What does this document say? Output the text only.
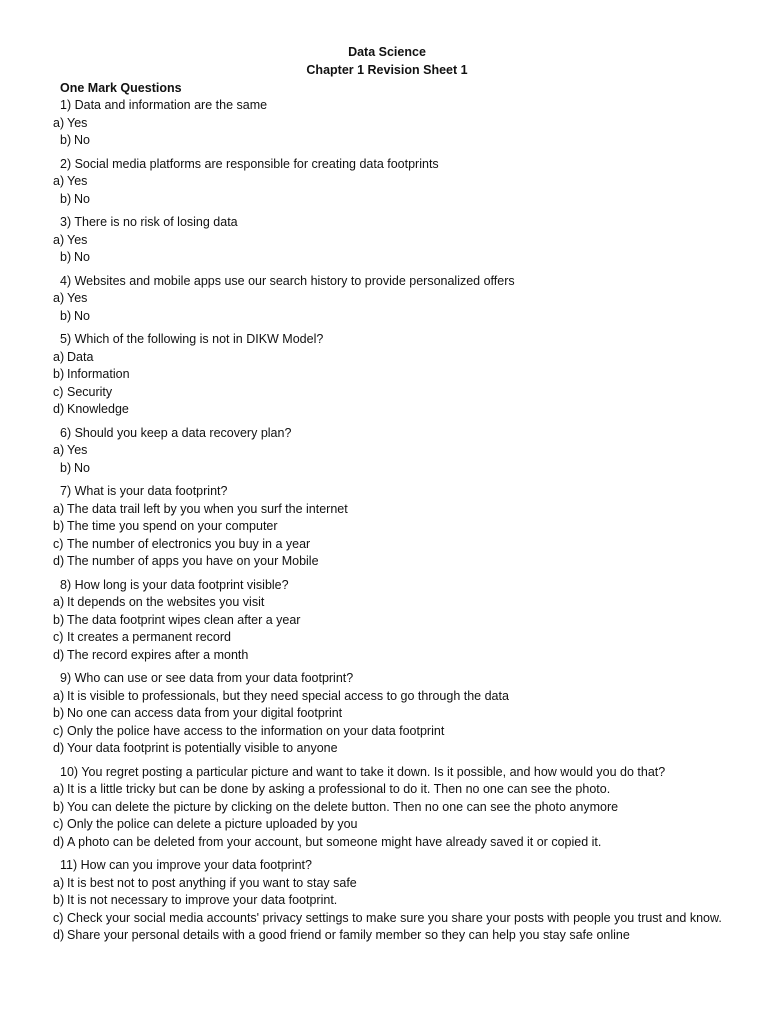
Data Science
Chapter 1 Revision Sheet 1
One Mark Questions
1) Data and information are the same
a) Yes
b) No
2) Social media platforms are responsible for creating data footprints
a) Yes
b) No
3) There is no risk of losing data
a) Yes
b) No
4) Websites and mobile apps use our search history to provide personalized offers
a) Yes
b) No
5) Which of the following is not in DIKW Model?
a) Data
b) Information
c) Security
d) Knowledge
6) Should you keep a data recovery plan?
a) Yes
b) No
7) What is your data footprint?
a) The data trail left by you when you surf the internet
b) The time you spend on your computer
c) The number of electronics you buy in a year
d) The number of apps you have on your Mobile
8) How long is your data footprint visible?
a) It depends on the websites you visit
b) The data footprint wipes clean after a year
c) It creates a permanent record
d) The record expires after a month
9) Who can use or see data from your data footprint?
a) It is visible to professionals, but they need special access to go through the data
b) No one can access data from your digital footprint
c) Only the police have access to the information on your data footprint
d) Your data footprint is potentially visible to anyone
10) You regret posting a particular picture and want to take it down. Is it possible, and how would you do that?
a) It is a little tricky but can be done by asking a professional to do it. Then no one can see the photo.
b) You can delete the picture by clicking on the delete button. Then no one can see the photo anymore
c) Only the police can delete a picture uploaded by you
d) A photo can be deleted from your account, but someone might have already saved it or copied it.
11) How can you improve your data footprint?
a) It is best not to post anything if you want to stay safe
b) It is not necessary to improve your data footprint.
c) Check your social media accounts' privacy settings to make sure you share your posts with people you trust and know.
d) Share your personal details with a good friend or family member so they can help you stay safe online
